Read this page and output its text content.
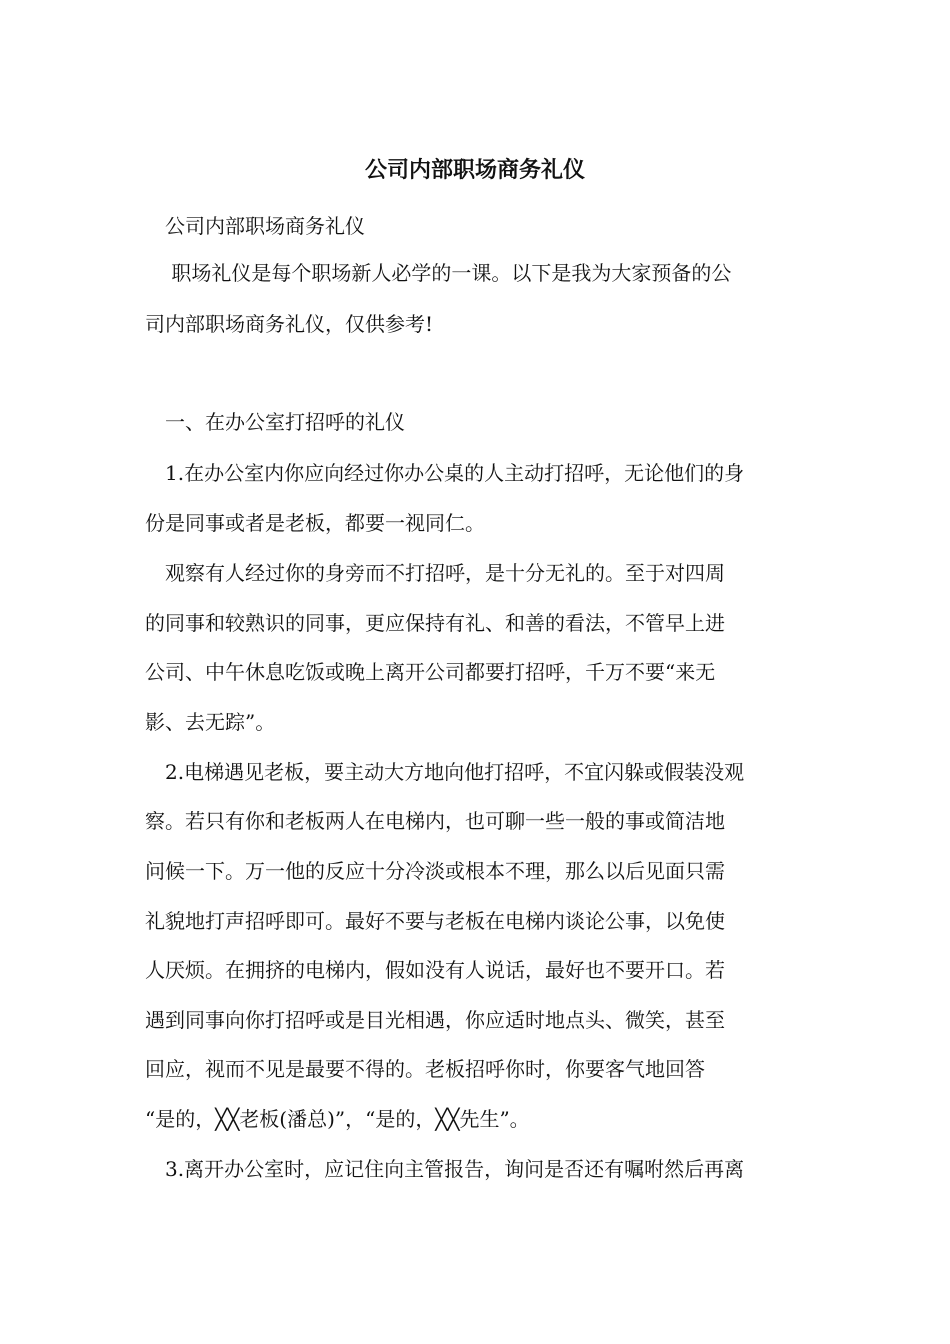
公司内部职场商务礼仪
　公司内部职场商务礼仪
　 职场礼仪是每个职场新人必学的一课。以下是我为大家预备的公
司内部职场商务礼仪，仅供参考!
　一、在办公室打招呼的礼仪
　1.在办公室内你应向经过你办公桌的人主动打招呼，无论他们的身
份是同事或者是老板，都要一视同仁。
　观察有人经过你的身旁而不打招呼，是十分无礼的。至于对四周
的同事和较熟识的同事，更应保持有礼、和善的看法，不管早上进
公司、中午休息吃饭或晚上离开公司都要打招呼，千万不要“来无
影、去无踪”。
　2.电梯遇见老板，要主动大方地向他打招呼，不宜闪躲或假装没观
察。若只有你和老板两人在电梯内，也可聊一些一般的事或简洁地
问候一下。万一他的反应十分冷淡或根本不理，那么以后见面只需
礼貌地打声招呼即可。最好不要与老板在电梯内谈论公事，以免使
人厌烦。在拥挤的电梯内，假如没有人说话，最好也不要开口。若
遇到同事向你打招呼或是目光相遇，你应适时地点头、微笑，甚至
回应，视而不见是最要不得的。老板招呼你时，你要客气地回答
“是的，╳╳老板(潘总)”，“是的，╳╳先生”。
　3.离开办公室时，应记住向主管报告，询问是否还有嘱咐然后再离
